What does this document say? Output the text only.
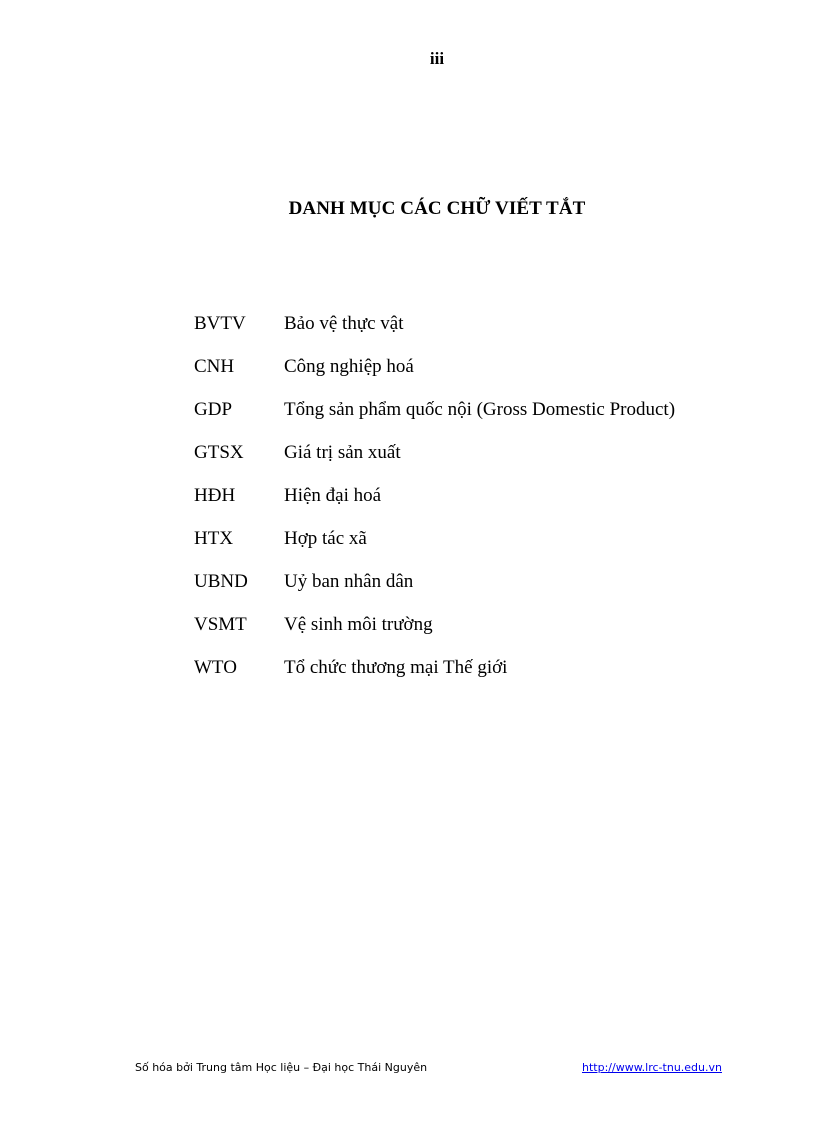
iii
DANH MỤC CÁC CHỮ VIẾT TẮT
BVTV	Bảo vệ thực vật
CNH	Công nghiệp hoá
GDP	Tổng sản phẩm quốc nội (Gross Domestic Product)
GTSX	Giá trị sản xuất
HĐH	Hiện đại hoá
HTX	Hợp tác xã
UBND	Uỷ ban nhân dân
VSMT	Vệ sinh môi trường
WTO	Tổ chức thương mại Thế giới
Số hóa bởi Trung tâm Học liệu – Đại học Thái Nguyên	http://www.lrc-tnu.edu.vn
